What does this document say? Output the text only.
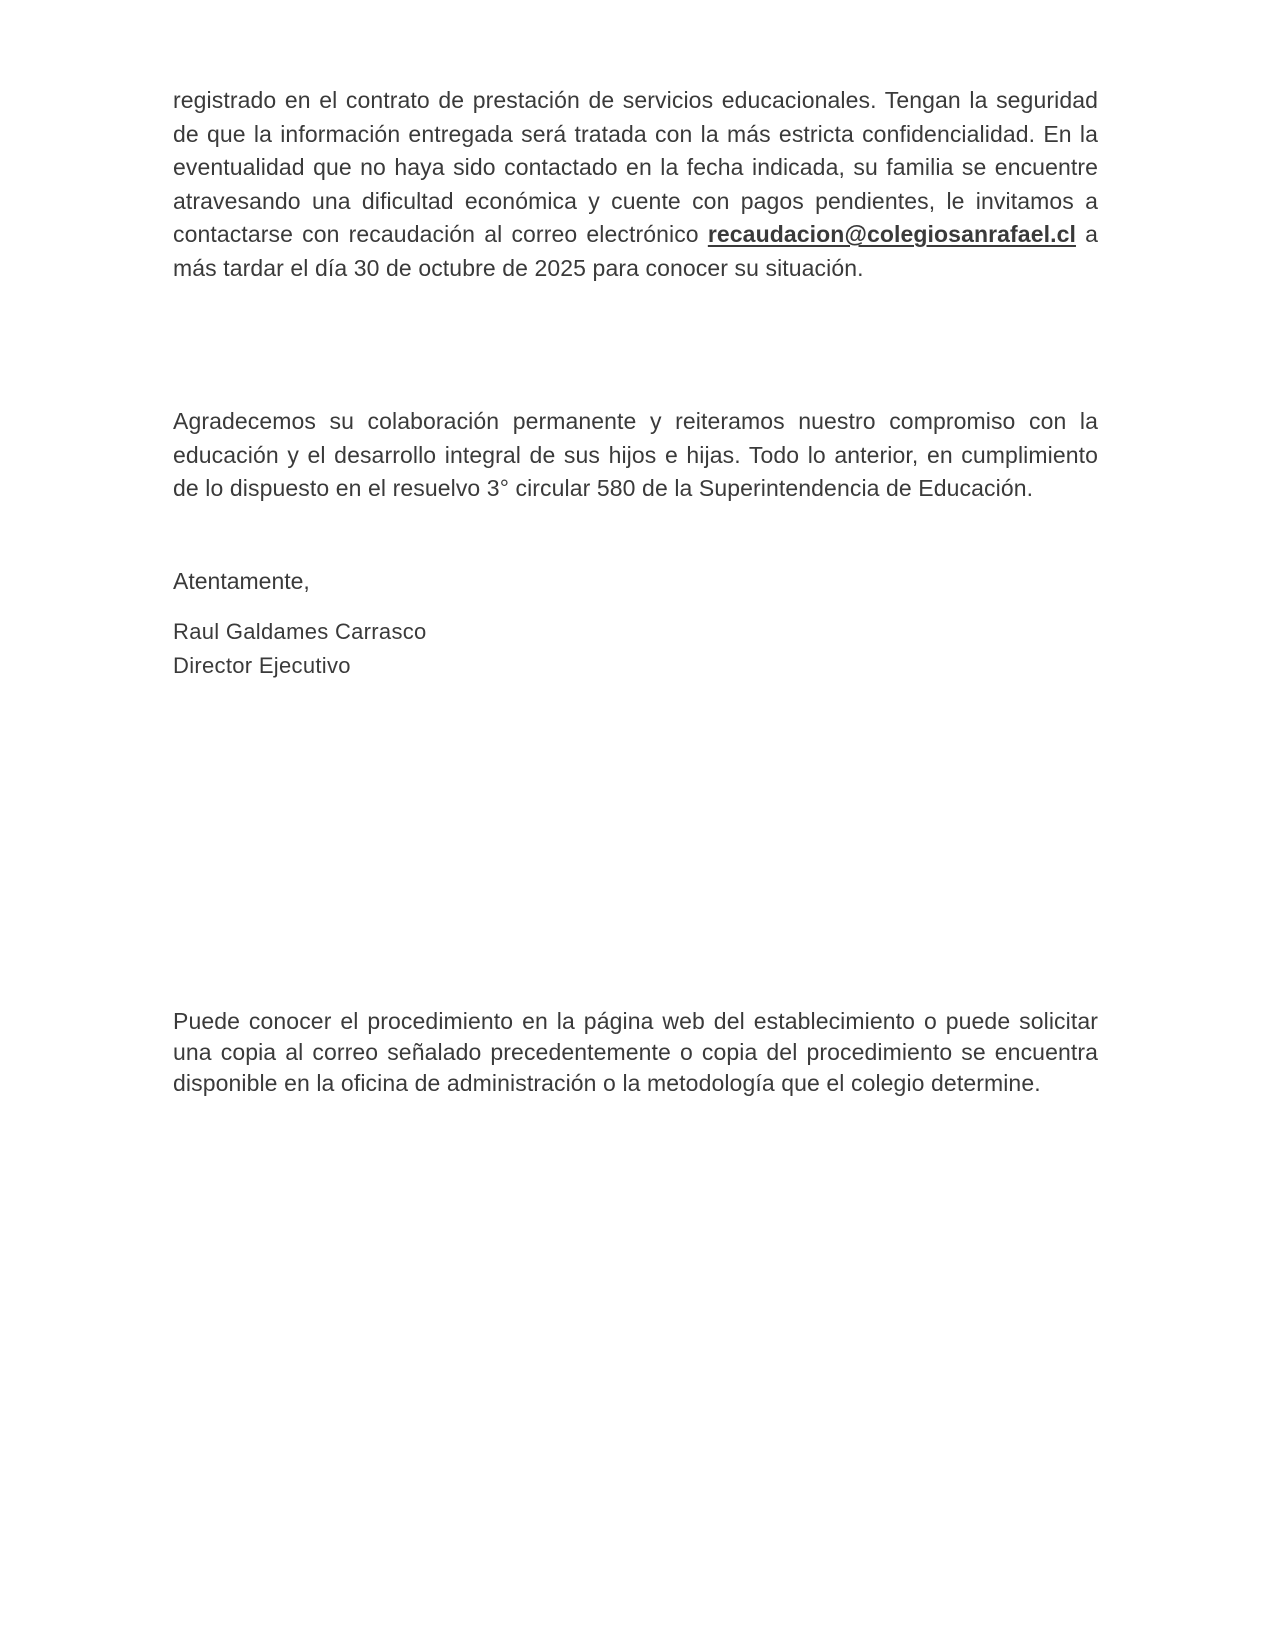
registrado en el contrato de prestación de servicios educacionales. Tengan la seguridad de que la información entregada será tratada con la más estricta confidencialidad. En la eventualidad que no haya sido contactado en la fecha indicada, su familia se encuentre atravesando una dificultad económica y cuente con pagos pendientes, le invitamos a contactarse con recaudación al correo electrónico recaudacion@colegiosanrafael.cl a más tardar el día 30 de octubre de 2025 para conocer su situación.

Agradecemos su colaboración permanente y reiteramos nuestro compromiso con la educación y el desarrollo integral de sus hijos e hijas. Todo lo anterior, en cumplimiento de lo dispuesto en el resuelvo 3° circular 580 de la Superintendencia de Educación.

Atentamente,

Raul Galdames Carrasco

Director Ejecutivo

Puede conocer el procedimiento en la página web del establecimiento o puede solicitar una copia al correo señalado precedentemente o copia del procedimiento se encuentra disponible en la oficina de administración o la metodología que el colegio determine.
